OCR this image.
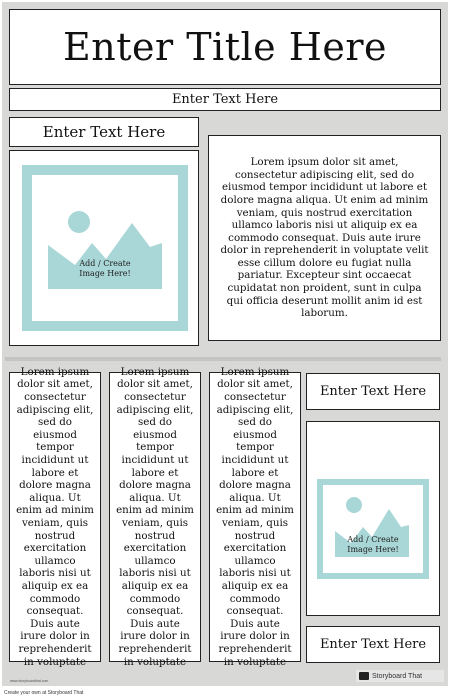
Enter Title Here
Enter Text Here
Enter Text Here
Add / Create Image Here!
Lorem ipsum dolor sit amet, consectetur adipiscing elit, sed do eiusmod tempor incididunt ut labore et dolore magna aliqua. Ut enim ad minim veniam, quis nostrud exercitation ullamco laboris nisi ut aliquip ex ea commodo consequat. Duis aute irure dolor in reprehenderit in voluptate velit esse cillum dolore eu fugiat nulla pariatur. Excepteur sint occaecat cupidatat non proident, sunt in culpa qui officia deserunt mollit anim id est laborum.
Lorem ipsum dolor sit amet, consectetur adipiscing elit, sed do eiusmod tempor incididunt ut labore et dolore magna aliqua. Ut enim ad minim veniam, quis nostrud exercitation ullamco laboris nisi ut aliquip ex ea commodo consequat. Duis aute irure dolor in reprehenderit in voluptate
Lorem ipsum dolor sit amet, consectetur adipiscing elit, sed do eiusmod tempor incididunt ut labore et dolore magna aliqua. Ut enim ad minim veniam, quis nostrud exercitation ullamco laboris nisi ut aliquip ex ea commodo consequat. Duis aute irure dolor in reprehenderit in voluptate
Lorem ipsum dolor sit amet, consectetur adipiscing elit, sed do eiusmod tempor incididunt ut labore et dolore magna aliqua. Ut enim ad minim veniam, quis nostrud exercitation ullamco laboris nisi ut aliquip ex ea commodo consequat. Duis aute irure dolor in reprehenderit in voluptate
Enter Text Here
Add / Create Image Here!
Enter Text Here
www.storyboardthat.com
Storyboard That
Create your own at Storyboard That
